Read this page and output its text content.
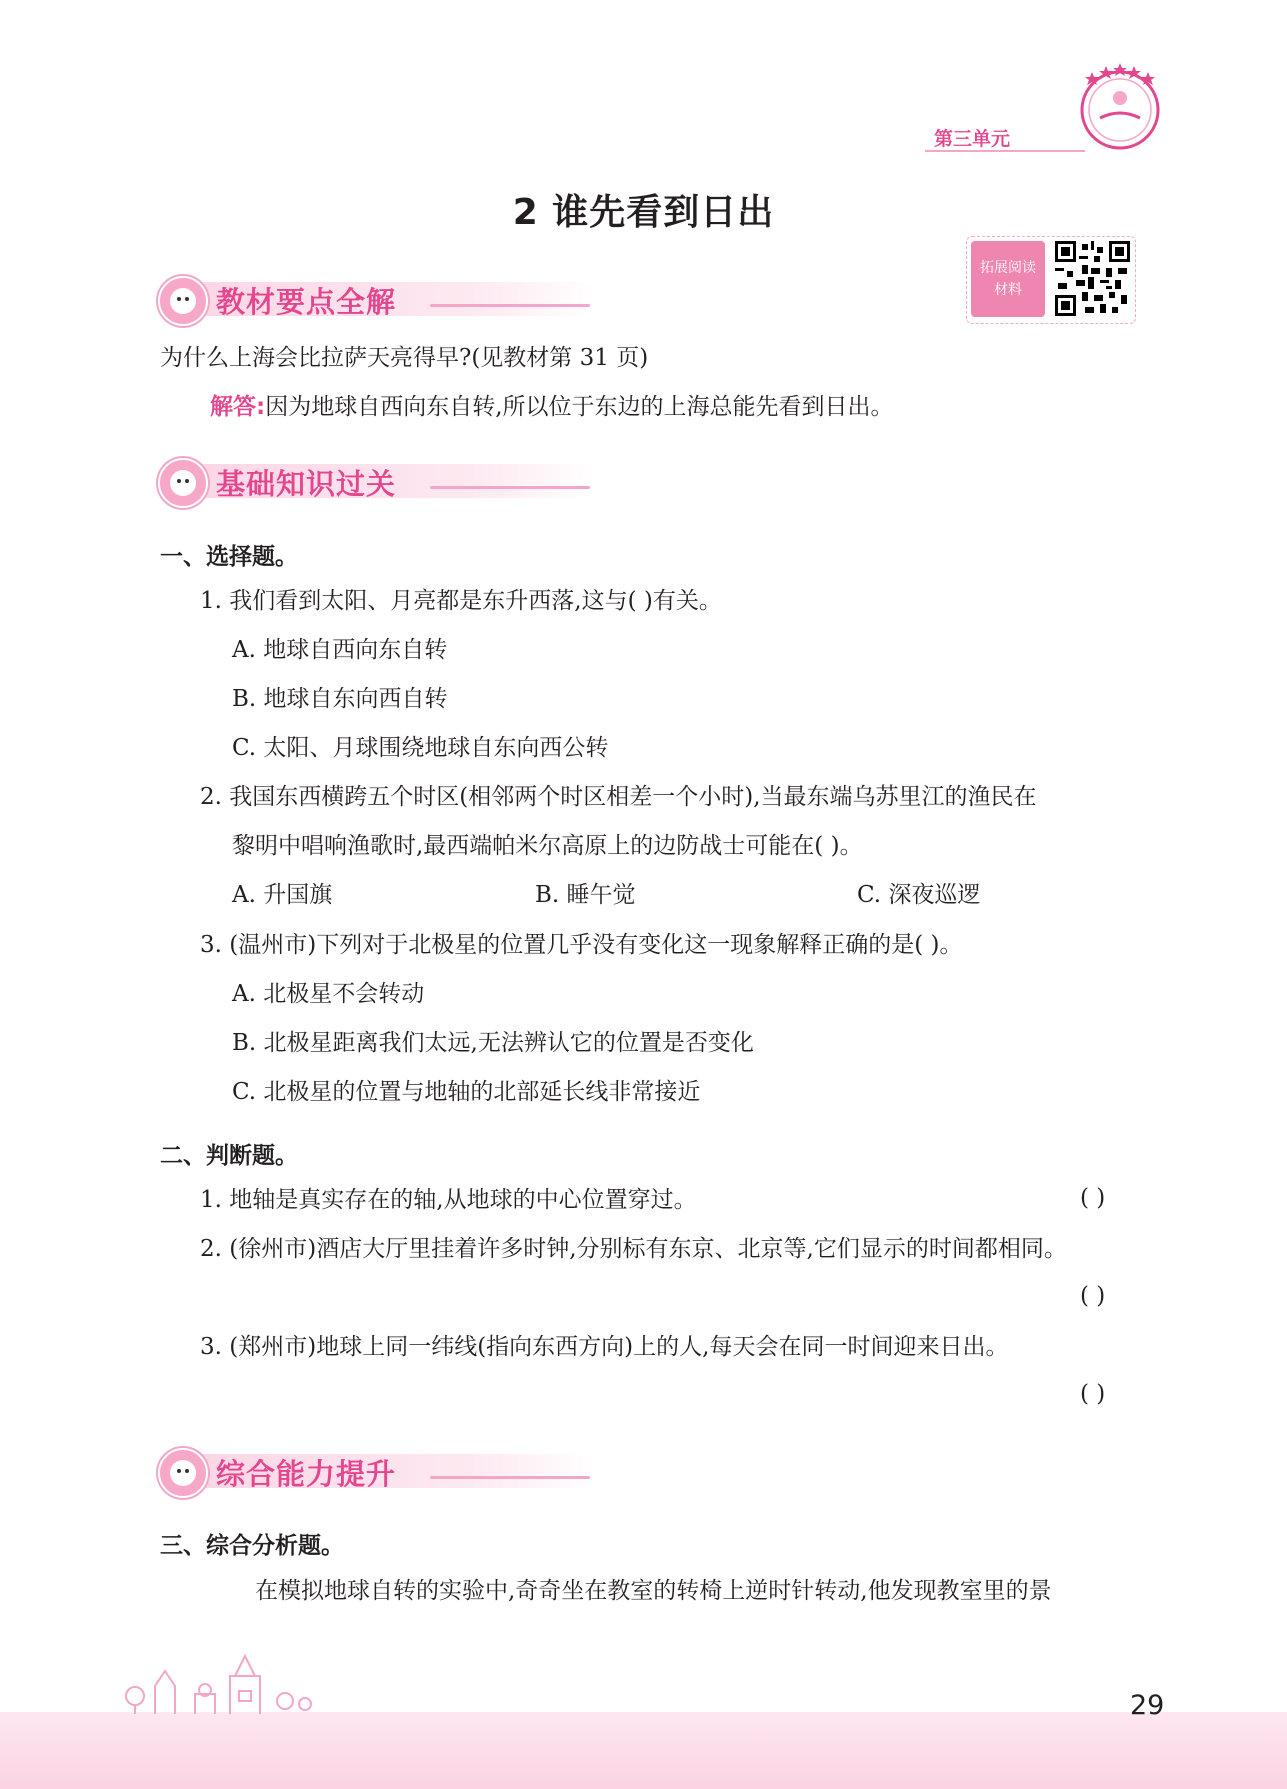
第三单元
2 谁先看到日出
拓展阅读
材料
教材要点全解
为什么上海会比拉萨天亮得早?(见教材第 31 页)
解答:因为地球自西向东自转,所以位于东边的上海总能先看到日出。
基础知识过关
一、选择题。
1. 我们看到太阳、月亮都是东升西落,这与( )有关。
A. 地球自西向东自转
B. 地球自东向西自转
C. 太阳、月球围绕地球自东向西公转
2. 我国东西横跨五个时区(相邻两个时区相差一个小时),当最东端乌苏里江的渔民在
黎明中唱响渔歌时,最西端帕米尔高原上的边防战士可能在( )。
A. 升国旗	B. 睡午觉	C. 深夜巡逻
3. (温州市)下列对于北极星的位置几乎没有变化这一现象解释正确的是( )。
A. 北极星不会转动
B. 北极星距离我们太远,无法辨认它的位置是否变化
C. 北极星的位置与地轴的北部延长线非常接近
二、判断题。
1. 地轴是真实存在的轴,从地球的中心位置穿过。	( )
2. (徐州市)酒店大厅里挂着许多时钟,分别标有东京、北京等,它们显示的时间都相同。
( )
3. (郑州市)地球上同一纬线(指向东西方向)上的人,每天会在同一时间迎来日出。
( )
综合能力提升
三、综合分析题。
在模拟地球自转的实验中,奇奇坐在教室的转椅上逆时针转动,他发现教室里的景
29
